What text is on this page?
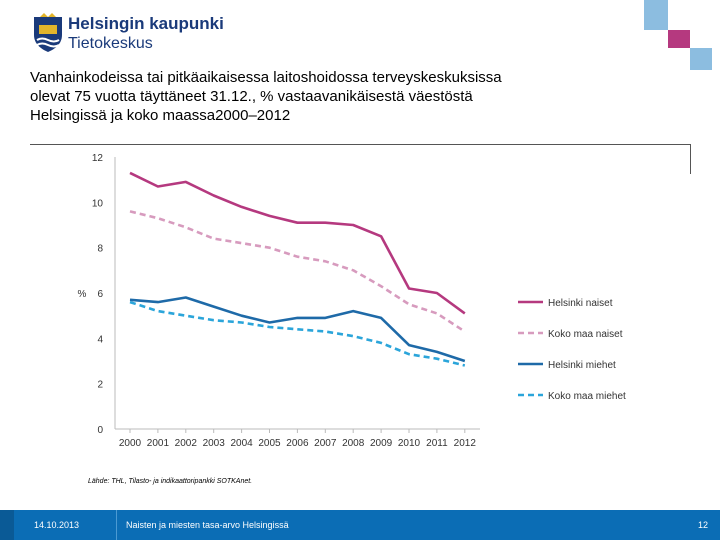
Helsingin kaupunki
Tietokeskus
Vanhainkodeissa tai pitkäaikaisessa laitoshoidossa terveyskeskuksissa
olevat 75 vuotta täyttäneet 31.12., % vastaavanikäisestä väestöstä
Helsingissä ja koko maassa2000–2012
0
2
4
6
8
10
12
%
2000 2001 2002 2003 2004 2005 2006 2007 2008 2009 2010 2011 2012
Helsinki naiset
Koko maa naiset
Helsinki miehet
Koko maa miehet
Lähde: THL, Tilasto- ja indikaattoripankki SOTKAnet.
14.10.2013	Naisten ja miesten tasa-arvo Helsingissä	12
